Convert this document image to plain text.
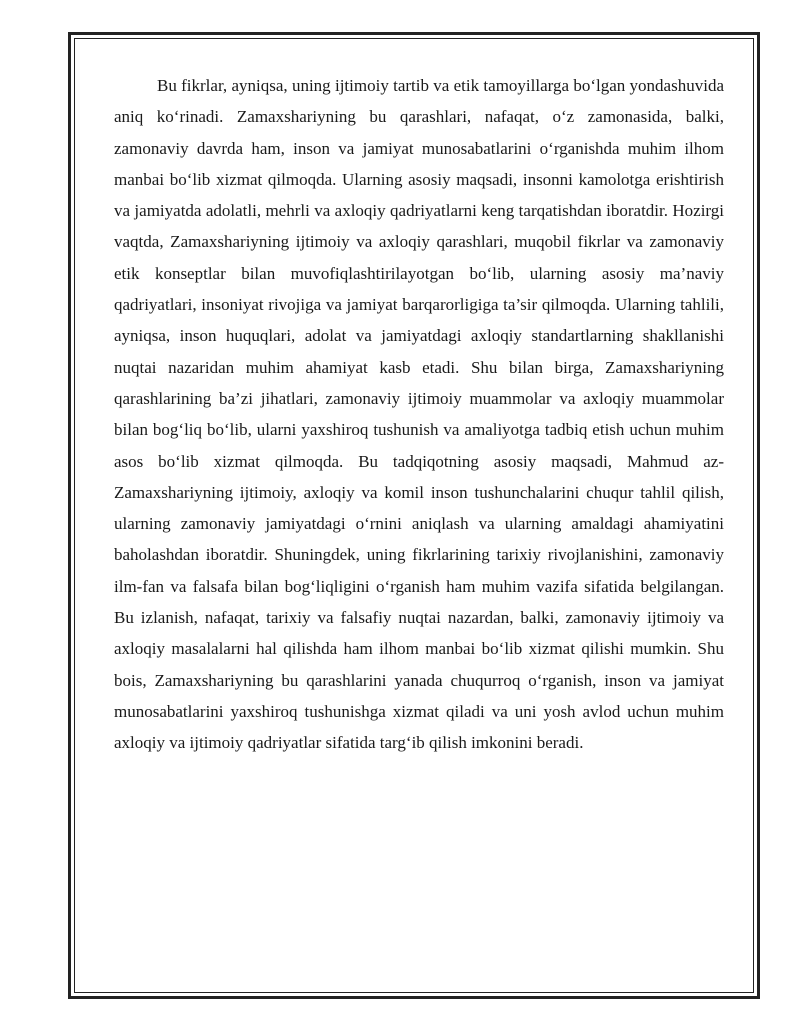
Bu fikrlar, ayniqsa, uning ijtimoiy tartib va etik tamoyillarga bo‘lgan yondashuvida aniq ko‘rinadi. Zamaxshariyning bu qarashlari, nafaqat, o‘z zamonasida, balki, zamonaviy davrda ham, inson va jamiyat munosabatlarini o‘rganishda muhim ilhom manbai bo‘lib xizmat qilmoqda. Ularning asosiy maqsadi, insonni kamolotga erishtirish va jamiyatda adolatli, mehrli va axloqiy qadriyatlarni keng tarqatishdan iboratdir. Hozirgi vaqtda, Zamaxshariyning ijtimoiy va axloqiy qarashlari, muqobil fikrlar va zamonaviy etik konseptlar bilan muvofiqlashtirilayotgan bo‘lib, ularning asosiy ma’naviy qadriyatlari, insoniyat rivojiga va jamiyat barqarorligiga ta’sir qilmoqda. Ularning tahlili, ayniqsa, inson huquqlari, adolat va jamiyatdagi axloqiy standartlarning shakllanishi nuqtai nazaridan muhim ahamiyat kasb etadi. Shu bilan birga, Zamaxshariyning qarashlarining ba’zi jihatlari, zamonaviy ijtimoiy muammolar va axloqiy muammolar bilan bog‘liq bo‘lib, ularni yaxshiroq tushunish va amaliyotga tadbiq etish uchun muhim asos bo‘lib xizmat qilmoqda. Bu tadqiqotning asosiy maqsadi, Mahmud az-Zamaxshariyning ijtimoiy, axloqiy va komil inson tushunchalarini chuqur tahlil qilish, ularning zamonaviy jamiyatdagi o‘rnini aniqlash va ularning amaldagi ahamiyatini baholashdan iboratdir. Shuningdek, uning fikrlarining tarixiy rivojlanishini, zamonaviy ilm-fan va falsafa bilan bog‘liqligini o‘rganish ham muhim vazifa sifatida belgilangan. Bu izlanish, nafaqat, tarixiy va falsafiy nuqtai nazardan, balki, zamonaviy ijtimoiy va axloqiy masalalarni hal qilishda ham ilhom manbai bo‘lib xizmat qilishi mumkin. Shu bois, Zamaxshariyning bu qarashlarini yanada chuqurroq o‘rganish, inson va jamiyat munosabatlarini yaxshiroq tushunishga xizmat qiladi va uni yosh avlod uchun muhim axloqiy va ijtimoiy qadriyatlar sifatida targ‘ib qilish imkonini beradi.
